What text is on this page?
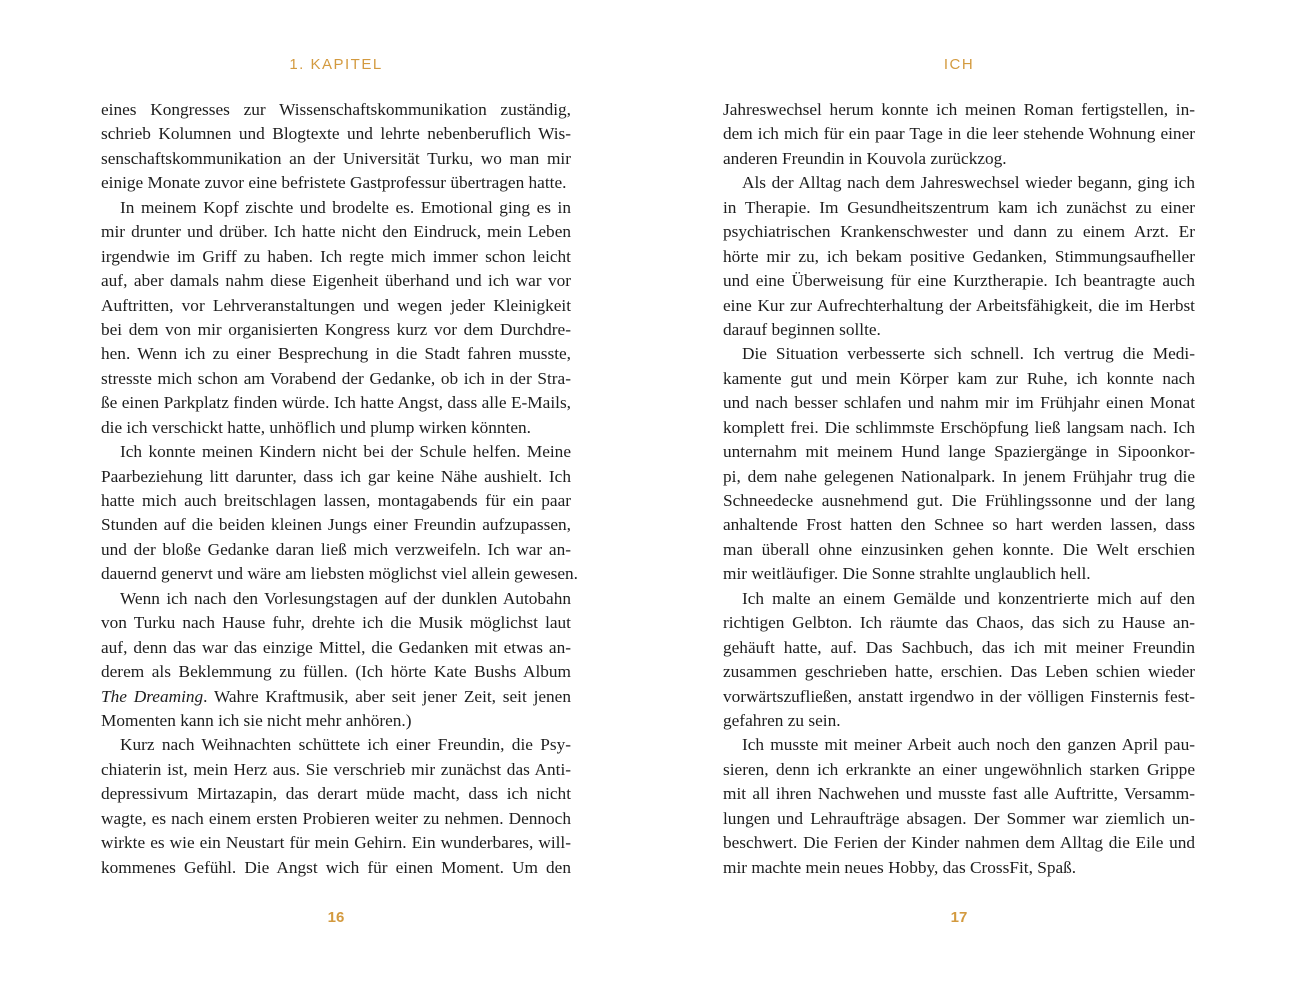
1. KAPITEL
eines Kongresses zur Wissenschaftskommunikation zuständig,
schrieb Kolumnen und Blogtexte und lehrte nebenberuflich Wis-
senschaftskommunikation an der Universität Turku, wo man mir
einige Monate zuvor eine befristete Gastprofessur übertragen hatte.
In meinem Kopf zischte und brodelte es. Emotional ging es in
mir drunter und drüber. Ich hatte nicht den Eindruck, mein Leben
irgendwie im Griff zu haben. Ich regte mich immer schon leicht
auf, aber damals nahm diese Eigenheit überhand und ich war vor
Auftritten, vor Lehrveranstaltungen und wegen jeder Kleinigkeit
bei dem von mir organisierten Kongress kurz vor dem Durchdre-
hen. Wenn ich zu einer Besprechung in die Stadt fahren musste,
stresste mich schon am Vorabend der Gedanke, ob ich in der Stra-
ße einen Parkplatz finden würde. Ich hatte Angst, dass alle E-Mails,
die ich verschickt hatte, unhöflich und plump wirken könnten.
Ich konnte meinen Kindern nicht bei der Schule helfen. Meine
Paarbeziehung litt darunter, dass ich gar keine Nähe aushielt. Ich
hatte mich auch breitschlagen lassen, montagabends für ein paar
Stunden auf die beiden kleinen Jungs einer Freundin aufzupassen,
und der bloße Gedanke daran ließ mich verzweifeln. Ich war an-
dauernd genervt und wäre am liebsten möglichst viel allein gewesen.
Wenn ich nach den Vorlesungstagen auf der dunklen Autobahn
von Turku nach Hause fuhr, drehte ich die Musik möglichst laut
auf, denn das war das einzige Mittel, die Gedanken mit etwas an-
derem als Beklemmung zu füllen. (Ich hörte Kate Bushs Album
The Dreaming. Wahre Kraftmusik, aber seit jener Zeit, seit jenen
Momenten kann ich sie nicht mehr anhören.)
Kurz nach Weihnachten schüttete ich einer Freundin, die Psy-
chiaterin ist, mein Herz aus. Sie verschrieb mir zunächst das Anti-
depressivum Mirtazapin, das derart müde macht, dass ich nicht
wagte, es nach einem ersten Probieren weiter zu nehmen. Dennoch
wirkte es wie ein Neustart für mein Gehirn. Ein wunderbares, will-
kommenes Gefühl. Die Angst wich für einen Moment. Um den
16
ICH
Jahreswechsel herum konnte ich meinen Roman fertigstellen, in-
dem ich mich für ein paar Tage in die leer stehende Wohnung einer
anderen Freundin in Kouvola zurückzog.
Als der Alltag nach dem Jahreswechsel wieder begann, ging ich
in Therapie. Im Gesundheitszentrum kam ich zunächst zu einer
psychiatrischen Krankenschwester und dann zu einem Arzt. Er
hörte mir zu, ich bekam positive Gedanken, Stimmungsaufheller
und eine Überweisung für eine Kurztherapie. Ich beantragte auch
eine Kur zur Aufrechterhaltung der Arbeitsfähigkeit, die im Herbst
darauf beginnen sollte.
Die Situation verbesserte sich schnell. Ich vertrug die Medi-
kamente gut und mein Körper kam zur Ruhe, ich konnte nach
und nach besser schlafen und nahm mir im Frühjahr einen Monat
komplett frei. Die schlimmste Erschöpfung ließ langsam nach. Ich
unternahm mit meinem Hund lange Spaziergänge in Sipoonkor-
pi, dem nahe gelegenen Nationalpark. In jenem Frühjahr trug die
Schneedecke ausnehmend gut. Die Frühlingssonne und der lang
anhaltende Frost hatten den Schnee so hart werden lassen, dass
man überall ohne einzusinken gehen konnte. Die Welt erschien
mir weitläufiger. Die Sonne strahlte unglaublich hell.
Ich malte an einem Gemälde und konzentrierte mich auf den
richtigen Gelbton. Ich räumte das Chaos, das sich zu Hause an-
gehäuft hatte, auf. Das Sachbuch, das ich mit meiner Freundin
zusammen geschrieben hatte, erschien. Das Leben schien wieder
vorwärtszufließen, anstatt irgendwo in der völligen Finsternis fest-
gefahren zu sein.
Ich musste mit meiner Arbeit auch noch den ganzen April pau-
sieren, denn ich erkrankte an einer ungewöhnlich starken Grippe
mit all ihren Nachwehen und musste fast alle Auftritte, Versamm-
lungen und Lehraufträge absagen. Der Sommer war ziemlich un-
beschwert. Die Ferien der Kinder nahmen dem Alltag die Eile und
mir machte mein neues Hobby, das CrossFit, Spaß.
17
